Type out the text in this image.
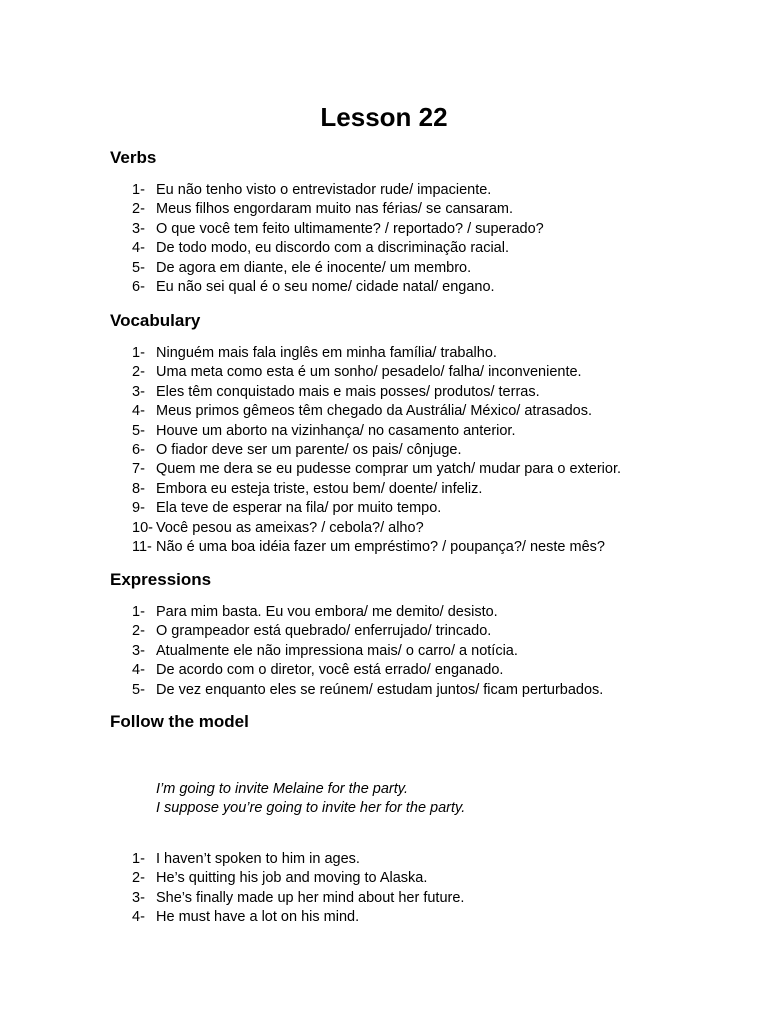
Lesson 22
Verbs
1- Eu não tenho visto o entrevistador rude/ impaciente.
2- Meus filhos engordaram muito nas férias/ se cansaram.
3- O que você tem feito ultimamente? / reportado? / superado?
4- De todo modo, eu discordo com a discriminação racial.
5- De agora em diante, ele é inocente/ um membro.
6- Eu não sei qual é o seu nome/ cidade natal/ engano.
Vocabulary
1- Ninguém mais fala inglês em minha família/ trabalho.
2- Uma meta como esta é um sonho/ pesadelo/ falha/ inconveniente.
3- Eles têm conquistado mais e mais posses/ produtos/ terras.
4- Meus primos gêmeos têm chegado da Austrália/ México/ atrasados.
5- Houve um aborto na vizinhança/ no casamento anterior.
6- O fiador deve ser um parente/ os pais/ cônjuge.
7- Quem me dera se eu pudesse comprar um yatch/ mudar para o exterior.
8- Embora eu esteja triste, estou bem/ doente/ infeliz.
9- Ela teve de esperar na fila/ por muito tempo.
10- Você pesou as ameixas? / cebola?/ alho?
11- Não é uma boa idéia fazer um empréstimo? / poupança?/ neste mês?
Expressions
1- Para mim basta. Eu vou embora/ me demito/ desisto.
2- O grampeador está quebrado/ enferrujado/ trincado.
3- Atualmente ele não impressiona mais/ o carro/ a notícia.
4- De acordo com o diretor, você está errado/ enganado.
5- De vez enquanto eles se reúnem/ estudam juntos/ ficam perturbados.
Follow the model
I’m going to invite Melaine for the party.
I suppose you’re going to invite her for the party.
1- I haven’t spoken to him in ages.
2- He’s quitting his job and moving to Alaska.
3- She’s finally made up her mind about her future.
4- He must have a lot on his mind.
